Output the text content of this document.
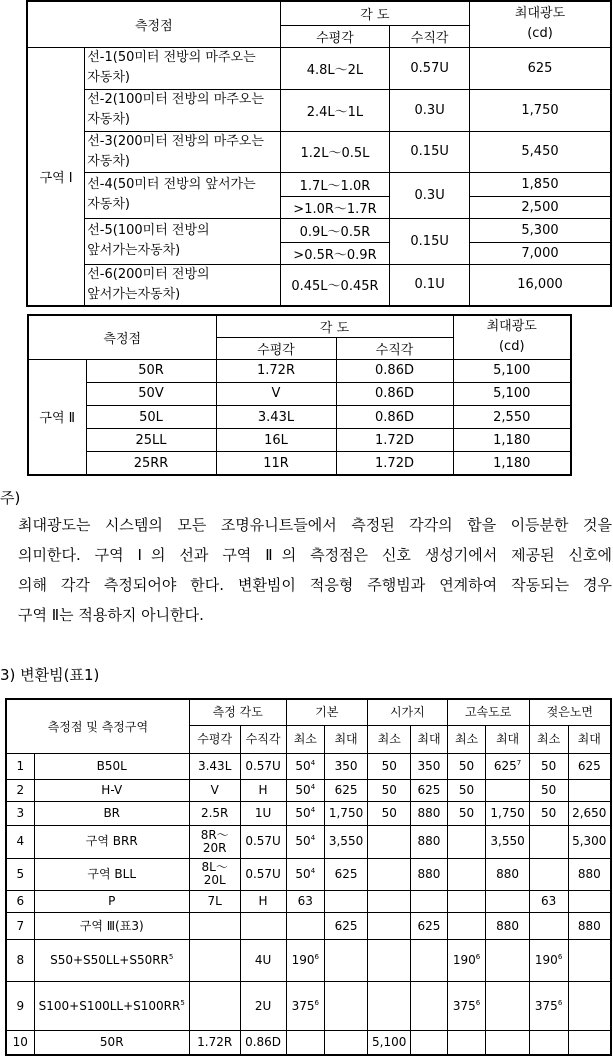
측정점		각 도		최대광도
(cd)
		수평각	수직각	
구역 Ⅰ	선-1(50미터 전방의 마주오는 자동차)	4.8L～2L	0.57U	625
	선-2(100미터 전방의 마주오는 자동차)	2.4L～1L	0.3U	1,750
	선-3(200미터 전방의 마주오는 자동차)	1.2L～0.5L	0.15U	5,450
	선-4(50미터 전방의 앞서가는 자동차)	1.7L～1.0R	0.3U	1,850
		>1.0R～1.7R		2,500
	선-5(100미터 전방의 앞서가는자동차)	0.9L～0.5R	0.15U	5,300
		>0.5R～0.9R		7,000
	선-6(200미터 전방의 앞서가는자동차)	0.45L～0.45R	0.1U	16,000
측정점		각 도		최대광도
(cd)
		수평각	수직각	
구역 Ⅱ	50R	1.72R	0.86D	5,100
	50V	V	0.86D	5,100
	50L	3.43L	0.86D	2,550
	25LL	16L	1.72D	1,180
	25RR	11R	1.72D	1,180
주)
최대광도는 시스템의 모든 조명유니트들에서 측정된 각각의 합을 이등분한 것을
의미한다. 구역 Ⅰ의 선과 구역 Ⅱ의 측정점은 신호 생성기에서 제공된 신호에
의해 각각 측정되어야 한다. 변환빔이 적응형 주행빔과 연계하여 작동되는 경우
구역 Ⅱ는 적용하지 아니한다.
3) 변환빔(표1)
측정점 및 측정구역		측정 각도		기본		시가지		고속도로		젖은노면	
		수평각	수직각	최소	최대	최소	최대	최소	최대	최소	최대
1	B50L	3.43L	0.57U	$50^4$	350	50	350	50	$625^7$	50	625
2	H-V	V	H	$50^4$	625	50	625	50		50	
3	BR	2.5R	1U	$50^4$	1,750	50	880	50	1,750	50	2,650
4	구역 BRR	8R～20R	0.57U	$50^4$	3,550		880		3,550		5,300
5	구역 BLL	8L～20L	0.57U	$50^4$	625		880		880		880
6	P	7L	H	63						63	
7	구역 Ⅲ(표3)				625		625		880		880
8	$S50+S50LL+S50RR^5$		4U	$190^6$				$190^6$		$190^6$	
9	$S100+S100LL+S100RR^5$		2U	$375^6$				$375^6$		$375^6$	
10	50R	1.72R	0.86D			5,100					
